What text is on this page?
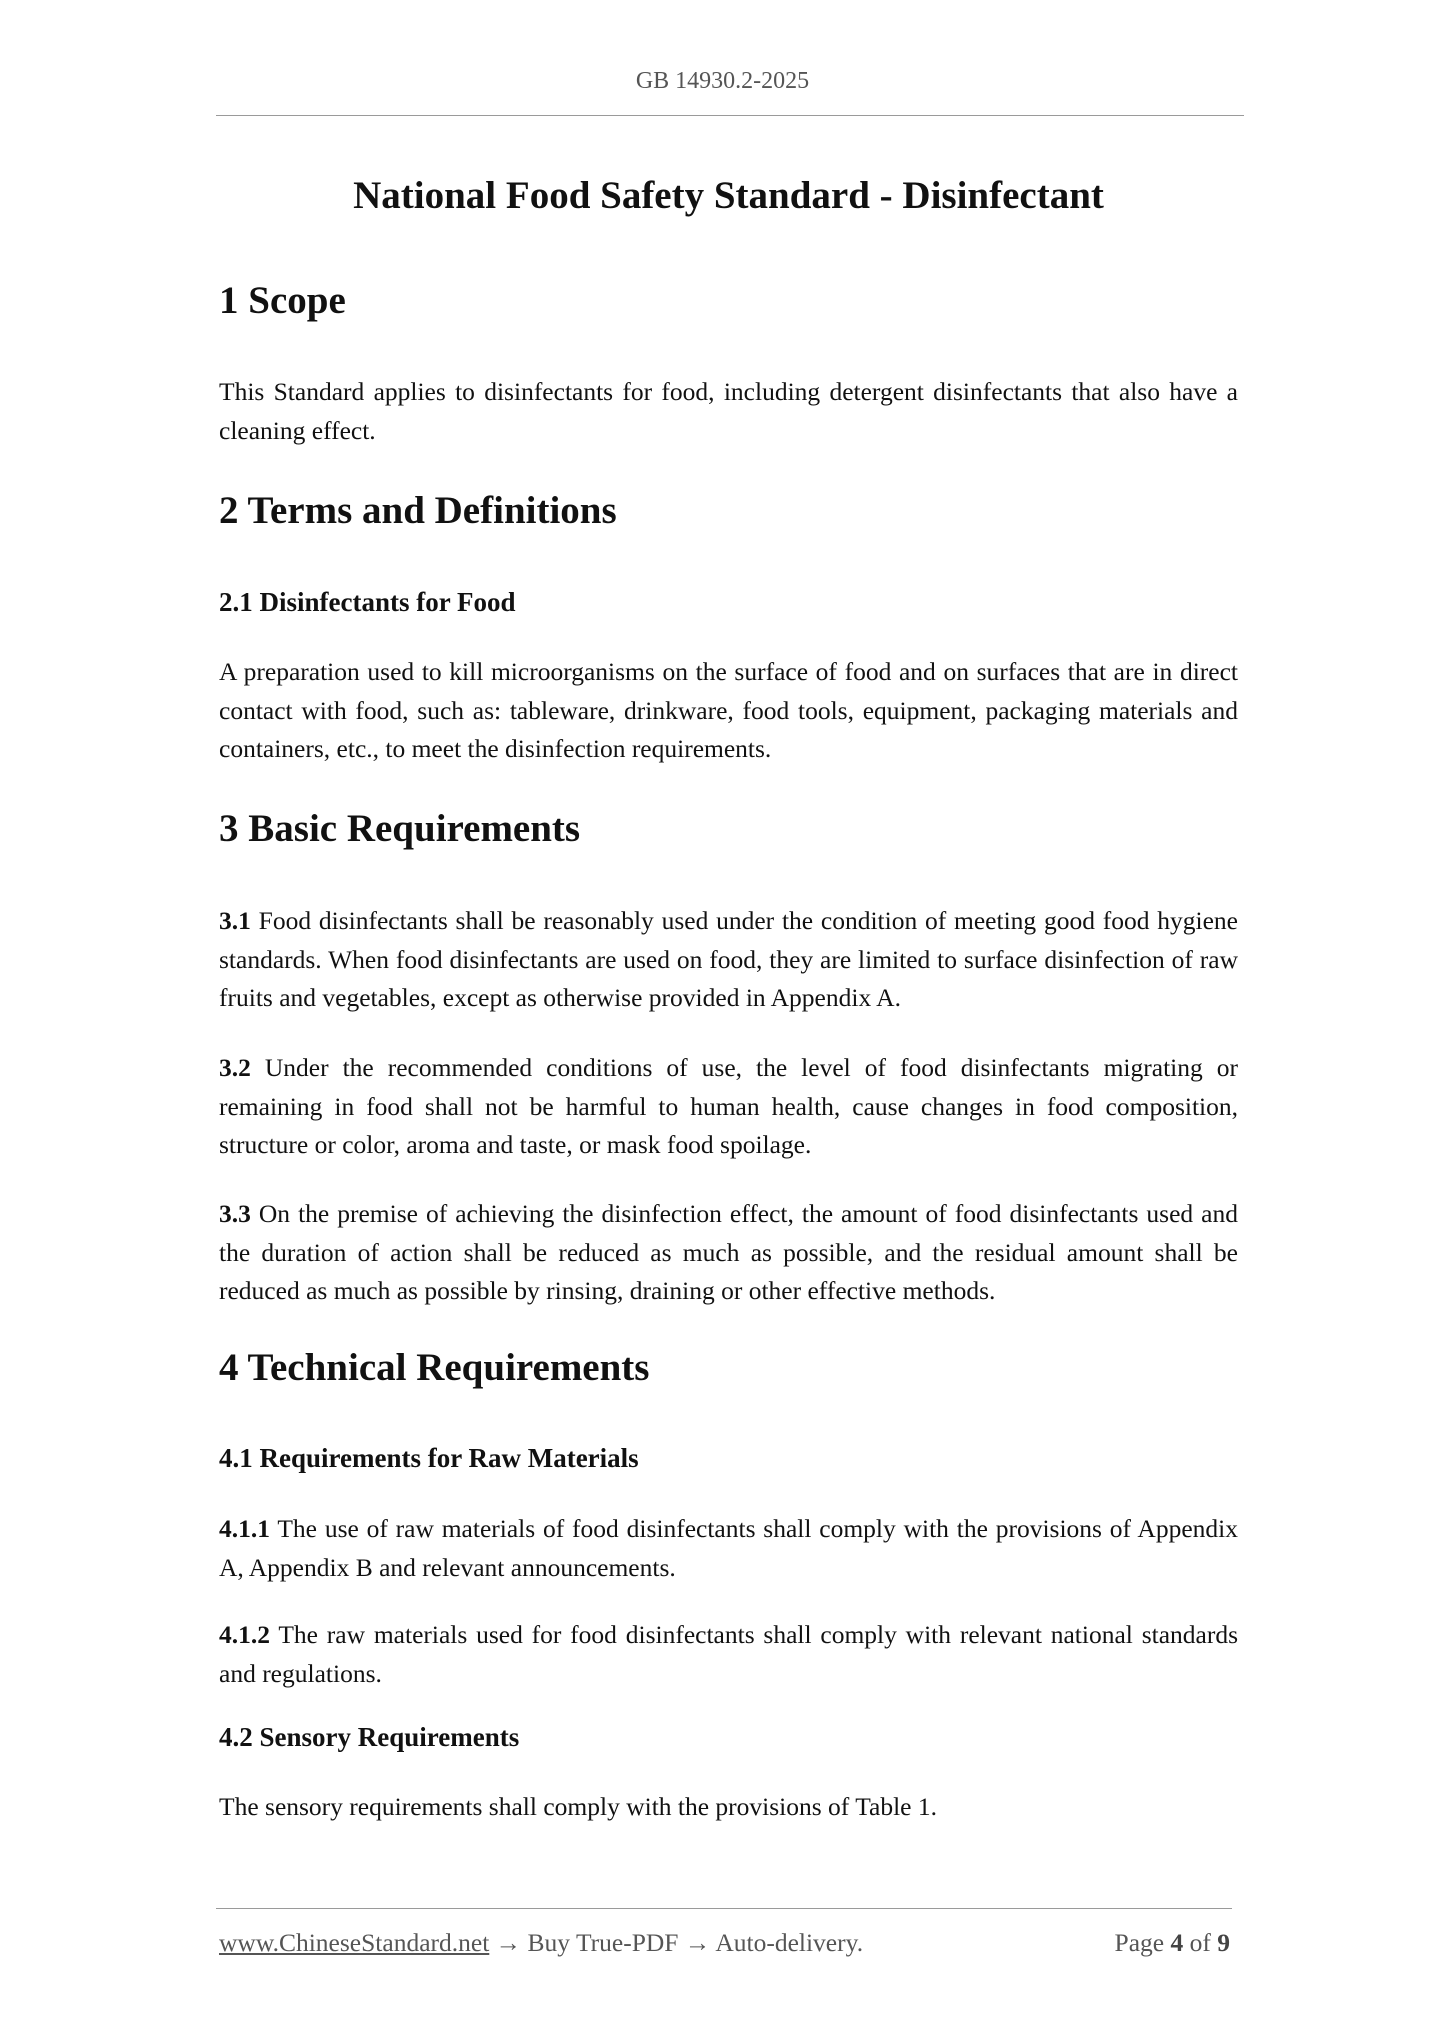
GB 14930.2-2025
National Food Safety Standard - Disinfectant
1 Scope

This Standard applies to disinfectants for food, including detergent disinfectants that also have a cleaning effect.

2 Terms and Definitions
2.1 Disinfectants for Food

A preparation used to kill microorganisms on the surface of food and on surfaces that are in direct contact with food, such as: tableware, drinkware, food tools, equipment, packaging materials and containers, etc., to meet the disinfection requirements.

3 Basic Requirements

3.1 Food disinfectants shall be reasonably used under the condition of meeting good food hygiene standards. When food disinfectants are used on food, they are limited to surface disinfection of raw fruits and vegetables, except as otherwise provided in Appendix A.

3.2 Under the recommended conditions of use, the level of food disinfectants migrating or remaining in food shall not be harmful to human health, cause changes in food composition, structure or color, aroma and taste, or mask food spoilage.

3.3 On the premise of achieving the disinfection effect, the amount of food disinfectants used and the duration of action shall be reduced as much as possible, and the residual amount shall be reduced as much as possible by rinsing, draining or other effective methods.

4 Technical Requirements
4.1 Requirements for Raw Materials

4.1.1 The use of raw materials of food disinfectants shall comply with the provisions of Appendix A, Appendix B and relevant announcements.

4.1.2 The raw materials used for food disinfectants shall comply with relevant national standards and regulations.

4.2 Sensory Requirements

The sensory requirements shall comply with the provisions of Table 1.

www.ChineseStandard.net → Buy True-PDF → Auto-delivery.	Page 4 of 9
